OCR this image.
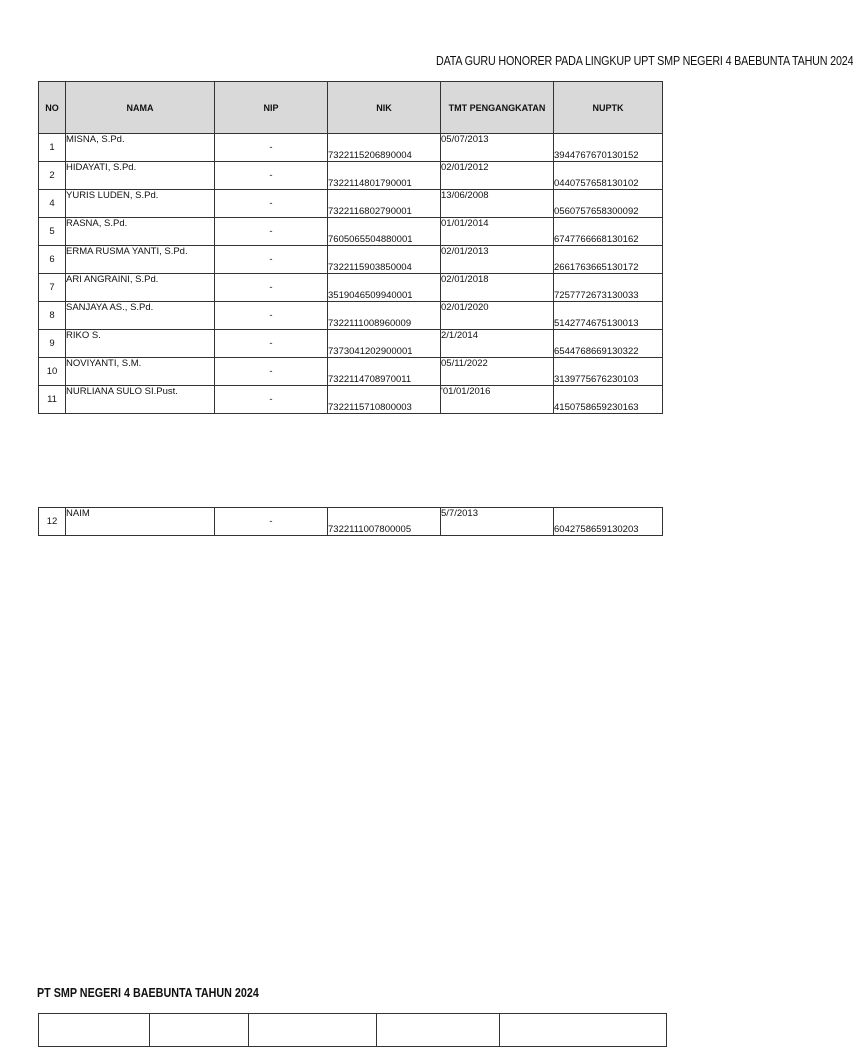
DATA GURU HONORER PADA LINGKUP UPT SMP NEGERI 4 BAEBUNTA TAHUN 2024
NO	NAMA	NIP	NIK	TMT PENGANGKATAN	NUPTK
1	MISNA, S.Pd.	-	7322115206890004	05/07/2013	3944767670130152
2	HIDAYATI, S.Pd.	-	7322114801790001	02/01/2012	0440757658130102
4	YURIS LUDEN, S.Pd.	-	7322116802790001	13/06/2008	0560757658300092
5	RASNA, S.Pd.	-	7605065504880001	01/01/2014	6747766668130162
6	ERMA RUSMA YANTI, S.Pd.	-	7322115903850004	02/01/2013	2661763665130172
7	ARI ANGRAINI, S.Pd.	-	3519046509940001	02/01/2018	7257772673130033
8	SANJAYA AS., S.Pd.	-	7322111008960009	02/01/2020	5142774675130013
9	RIKO S.	-	7373041202900001	2/1/2014	6544768669130322
10	NOVIYANTI, S.M.	-	7322114708970011	05/11/2022	3139775676230103
11	NURLIANA SULO SI.Pust.	-	7322115710800003	'01/01/2016	4150758659230163
12	NAIM	-	7322111007800005	5/7/2013	6042758659130203
PT SMP NEGERI 4 BAEBUNTA TAHUN 2024
